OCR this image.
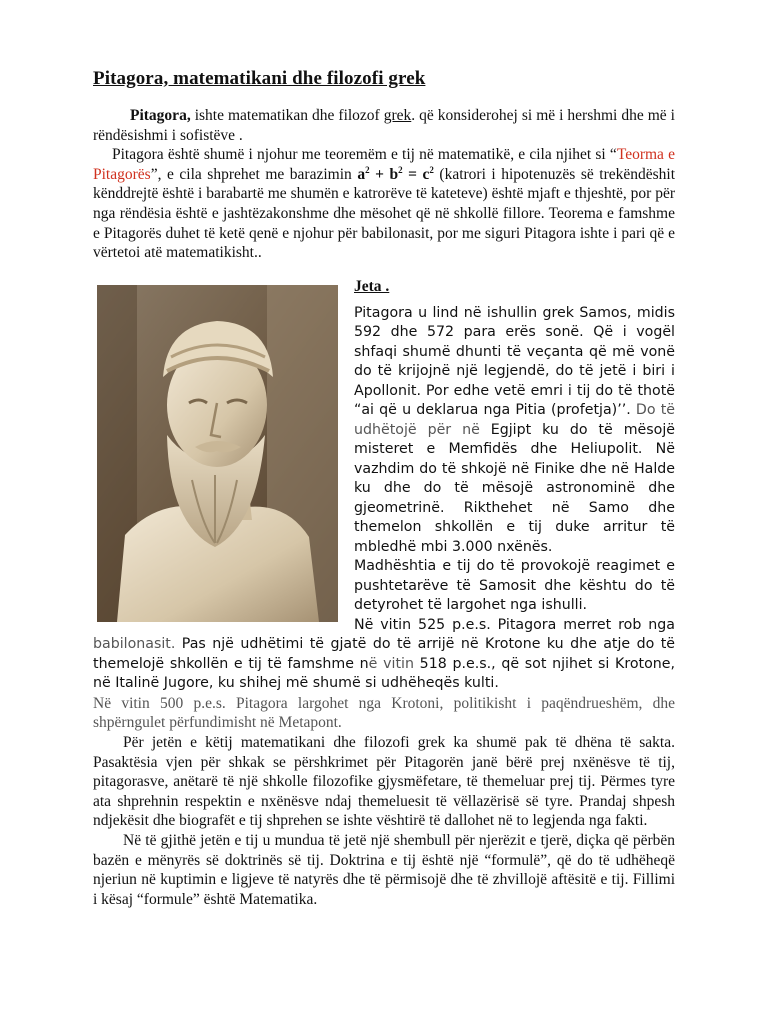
Pitagora, matematikani dhe filozofi grek

Pitagora, ishte matematikan dhe filozof grek. që konsiderohej si më i hershmi dhe më i rëndësishmi i sofistëve .

Pitagora është shumë i njohur me teoremëm e tij në matematikë, e cila njihet si “Teorma e Pitagorës”, e cila shprehet me barazimin $a^2 + b^2 = c^2$ (katrori i hipotenuzës së trekëndëshit kënddrejtë është i barabartë me shumën e katrorëve të kateteve) është mjaft e thjeshtë, por për nga rëndësia është e jashtëzakonshme dhe mësohet që në shkollë fillore. Teorema e famshme e Pitagorës duhet të ketë qenë e njohur për babilonasit, por me siguri Pitagora ishte i pari që e vërtetoi atë matematikisht..

Jeta .

Pitagora u lind në ishullin grek Samos, midis 592 dhe 572 para erës sonë. Që i vogël shfaqi shumë dhunti të veçanta që më vonë do të krijojnë një legjendë, do të jetë i biri i Apollonit. Por edhe vetë emri i tij do të thotë “ai që u deklarua nga Pitia (profetja)’’. Do të udhëtojë për në Egjipt ku do të mësojë misteret e Memfidës dhe Heliupolit. Në vazhdim do të shkojë në Finike dhe në Halde ku dhe do të mësojë astronominë dhe gjeometrinë. Rikthehet në Samo dhe themelon shkollën e tij duke arritur të mbledhë mbi 3.000 nxënës.

Madhështia e tij do të provokojë reagimet e pushtetarëve të Samosit dhe kështu do të detyrohet të largohet nga ishulli.

Në vitin 525 p.e.s. Pitagora merret rob nga babilonasit. Pas një udhëtimi të gjatë do të arrijë në Krotone ku dhe atje do të themelojë shkollën e tij të famshme në vitin 518 p.e.s., që sot njihet si Krotone, në Italinë Jugore, ku shihej më shumë si udhëheqës kulti.

Në vitin 500 p.e.s. Pitagora largohet nga Krotoni, politikisht i paqëndrueshëm, dhe shpërngulet përfundimisht në Metapont.

Për jetën e këtij matematikani dhe filozofi grek ka shumë pak të dhëna të sakta. Pasaktësia vjen për shkak se përshkrimet për Pitagorën janë bërë prej nxënësve të tij, pitagorasve, anëtarë të një shkolle filozofike gjysmëfetare, të themeluar prej tij. Përmes tyre ata shprehnin respektin e nxënësve ndaj themeluesit të vëllazërisë së tyre. Prandaj shpesh ndjekësit dhe biografët e tij shprehen se ishte vështirë të dallohet në to legjenda nga fakti.

Në të gjithë jetën e tij u mundua të jetë një shembull për njerëzit e tjerë, diçka që përbën bazën e mënyrës së doktrinës së tij. Doktrina e tij është një “formulë”, që do të udhëheqë njeriun në kuptimin e ligjeve të natyrës dhe të përmisojë dhe të zhvillojë aftësitë e tij. Fillimi i kësaj “formule” është Matematika.
